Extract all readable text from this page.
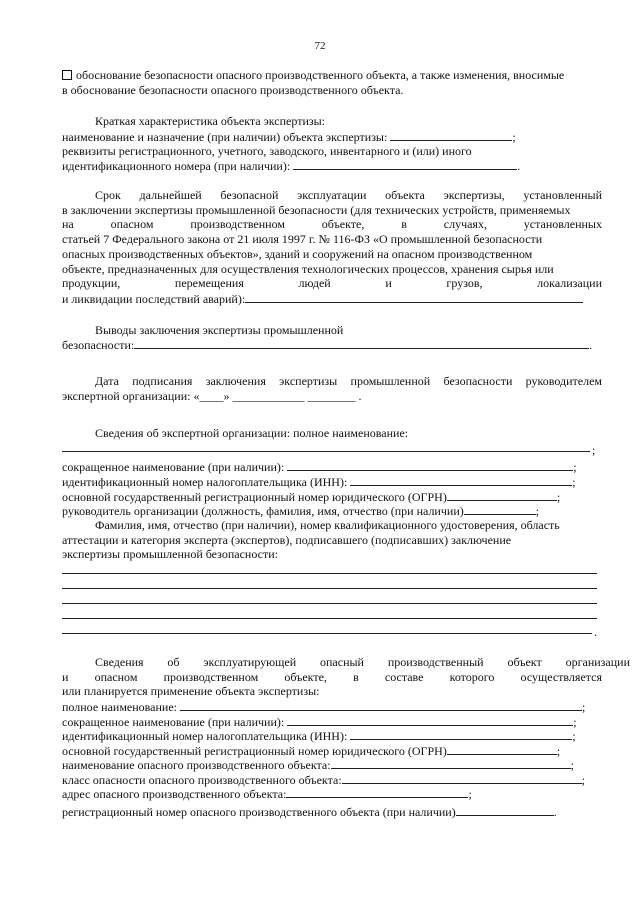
72
обоснование безопасности опасного производственного объекта, а также изменения, вносимые
в обоснование безопасности опасного производственного объекта.
Краткая характеристика объекта экспертизы:
наименование и назначение (при наличии) объекта экспертизы:	;
реквизиты регистрационного, учетного, заводского, инвентарного и (или) иного
идентификационного номера (при наличии):	.
Срок дальнейшей безопасной эксплуатации объекта экспертизы, установленный
в заключении экспертизы промышленной безопасности (для технических устройств, применяемых
на опасном производственном объекте, в случаях, установленных
статьей 7 Федерального закона от 21 июля 1997 г. № 116-ФЗ «О промышленной безопасности
опасных производственных объектов», зданий и сооружений на опасном производственном
объекте, предназначенных для осуществления технологических процессов, хранения сырья или
продукции, перемещения людей и грузов, локализации
и ликвидации последствий аварий):
Выводы заключения экспертизы промышленной
безопасности:	.
Дата подписания заключения экспертизы промышленной безопасности руководителем
экспертной организации: «____» ____________ ________ .
Сведения об экспертной организации: полное наименование:
;
сокращенное наименование (при наличии):	;
идентификационный номер налогоплательщика (ИНН):	;
основной государственный регистрационный номер юридического (ОГРН)	;
руководитель организации (должность, фамилия, имя, отчество (при наличии)	;
Фамилия, имя, отчество (при наличии), номер квалификационного удостоверения, область
аттестации и категория эксперта (экспертов), подписавшего (подписавших) заключение
экспертизы промышленной безопасности:
.
Сведения об эксплуатирующей опасный производственный объект организации
и опасном производственном объекте, в составе которого осуществляется
или планируется применение объекта экспертизы:
полное наименование:	;
сокращенное наименование (при наличии):	;
идентификационный номер налогоплательщика (ИНН):	;
основной государственный регистрационный номер юридического (ОГРН)	;
наименование опасного производственного объекта:	;
класс опасности опасного производственного объекта:	;
адрес опасного производственного объекта:	;
регистрационный номер опасного производственного объекта (при наличии)	.
